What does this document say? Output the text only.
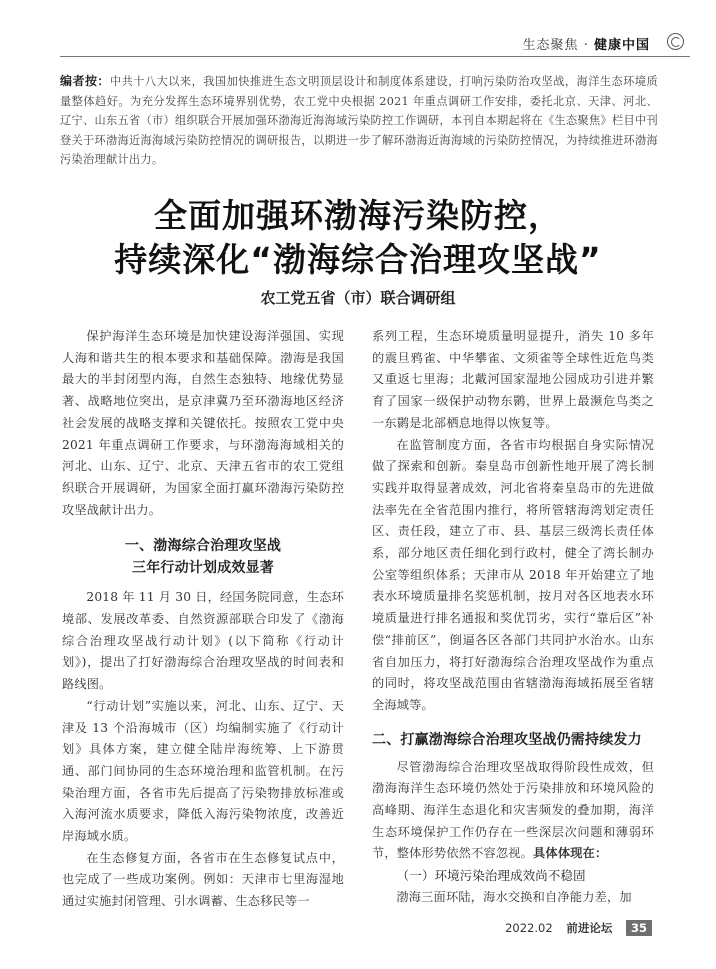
生态聚焦 · 健康中国
编者按：中共十八大以来，我国加快推进生态文明顶层设计和制度体系建设，打响污染防治攻坚战，海洋生态环境质量整体趋好。为充分发挥生态环境界别优势，农工党中央根据 2021 年重点调研工作安排，委托北京、天津、河北、辽宁、山东五省（市）组织联合开展加强环渤海近海海域污染防控工作调研，本刊自本期起将在《生态聚焦》栏目中刊登关于环渤海近海海域污染防控情况的调研报告，以期进一步了解环渤海近海海域的污染防控情况，为持续推进环渤海污染治理献计出力。
全面加强环渤海污染防控，
持续深化“渤海综合治理攻坚战”
农工党五省（市）联合调研组

保护海洋生态环境是加快建设海洋强国、实现人海和谐共生的根本要求和基础保障。渤海是我国最大的半封闭型内海，自然生态独特、地缘优势显著、战略地位突出，是京津冀乃至环渤海地区经济社会发展的战略支撑和关键依托。按照农工党中央 2021 年重点调研工作要求，与环渤海海域相关的河北、山东、辽宁、北京、天津五省市的农工党组织联合开展调研，为国家全面打赢环渤海污染防控攻坚战献计出力。

一、渤海综合治理攻坚战
三年行动计划成效显著

2018 年 11 月 30 日，经国务院同意，生态环境部、发展改革委、自然资源部联合印发了《渤海综合治理攻坚战行动计划》(以下简称《行动计划》)，提出了打好渤海综合治理攻坚战的时间表和路线图。

“行动计划”实施以来，河北、山东、辽宁、天津及 13 个沿海城市（区）均编制实施了《行动计划》具体方案，建立健全陆岸海统筹、上下游贯通、部门间协同的生态环境治理和监管机制。在污染治理方面，各省市先后提高了污染物排放标准或入海河流水质要求，降低入海污染物浓度，改善近岸海域水质。

在生态修复方面，各省市在生态修复试点中，也完成了一些成功案例。例如：天津市七里海湿地通过实施封闭管理、引水调蓄、生态移民等一

系列工程，生态环境质量明显提升，消失 10 多年的震旦鸦雀、中华攀雀、文须雀等全球性近危鸟类又重返七里海；北戴河国家湿地公园成功引进并繁育了国家一级保护动物东鹮，世界上最濒危鸟类之一东鹮是北部栖息地得以恢复等。

在监管制度方面，各省市均根据自身实际情况做了探索和创新。秦皇岛市创新性地开展了湾长制实践并取得显著成效，河北省将秦皇岛市的先进做法率先在全省范围内推行，将所管辖海湾划定责任区、责任段，建立了市、县、基层三级湾长责任体系，部分地区责任细化到行政村，健全了湾长制办公室等组织体系；天津市从 2018 年开始建立了地表水环境质量排名奖惩机制，按月对各区地表水环境质量进行排名通报和奖优罚劣，实行“靠后区”补偿“排前区”，倒逼各区各部门共同护水治水。山东省自加压力，将打好渤海综合治理攻坚战作为重点的同时，将攻坚战范围由省辖渤海海域拓展至省辖全海域等。

二、打赢渤海综合治理攻坚战仍需持续发力

尽管渤海综合治理攻坚战取得阶段性成效，但渤海海洋生态环境仍然处于污染排放和环境风险的高峰期、海洋生态退化和灾害频发的叠加期，海洋生态环境保护工作仍存在一些深层次问题和薄弱环节，整体形势依然不容忽视。具体体现在：

（一）环境污染治理成效尚不稳固

渤海三面环陆，海水交换和自净能力差，加

2022.02 前进论坛 35
